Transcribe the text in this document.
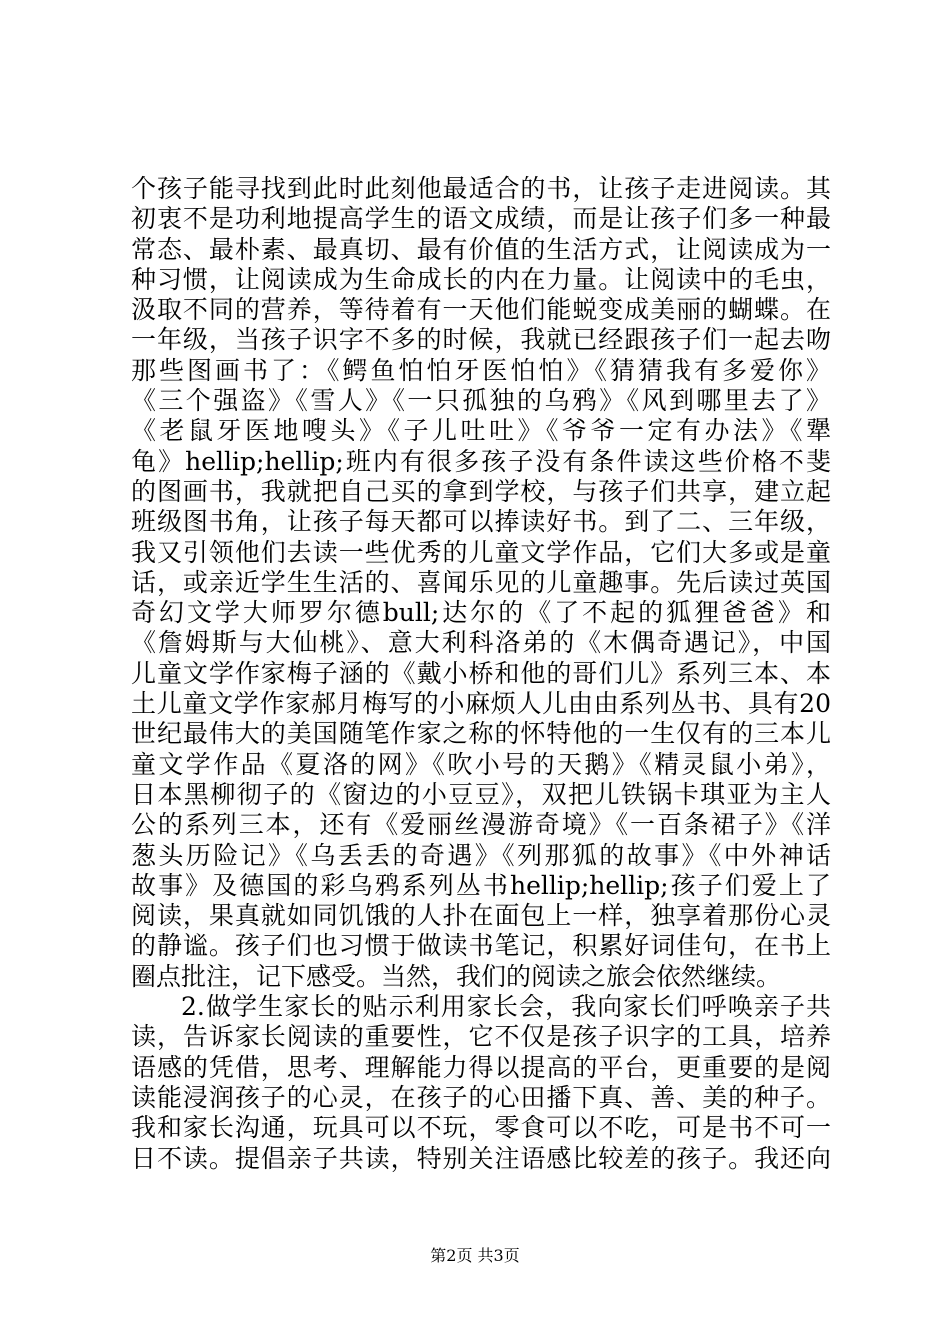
个孩子能寻找到此时此刻他最适合的书，让孩子走进阅读。其
初衷不是功利地提高学生的语文成绩，而是让孩子们多一种最
常态、最朴素、最真切、最有价值的生活方式，让阅读成为一
种习惯，让阅读成为生命成长的内在力量。让阅读中的毛虫，
汲取不同的营养，等待着有一天他们能蜕变成美丽的蝴蝶。在
一年级，当孩子识字不多的时候，我就已经跟孩子们一起去吻
那些图画书了：《鳄鱼怕怕牙医怕怕》《猜猜我有多爱你》
《三个强盗》《雪人》《一只孤独的乌鸦》《风到哪里去了》
《老鼠牙医地嗖头》《子儿吐吐》《爷爷一定有办法》《犟
龟》hellip;hellip;班内有很多孩子没有条件读这些价格不斐
的图画书，我就把自己买的拿到学校，与孩子们共享，建立起
班级图书角，让孩子每天都可以捧读好书。到了二、三年级，
我又引领他们去读一些优秀的儿童文学作品，它们大多或是童
话，或亲近学生生活的、喜闻乐见的儿童趣事。先后读过英国
奇幻文学大师罗尔德bull;达尔的《了不起的狐狸爸爸》和
《詹姆斯与大仙桃》、意大利科洛弟的《木偶奇遇记》，中国
儿童文学作家梅子涵的《戴小桥和他的哥们儿》系列三本、本
土儿童文学作家郝月梅写的小麻烦人儿由由系列丛书、具有20
世纪最伟大的美国随笔作家之称的怀特他的一生仅有的三本儿
童文学作品《夏洛的网》《吹小号的天鹅》《精灵鼠小弟》，
日本黑柳彻子的《窗边的小豆豆》，双把儿铁锅卡琪亚为主人
公的系列三本，还有《爱丽丝漫游奇境》《一百条裙子》《洋
葱头历险记》《乌丢丢的奇遇》《列那狐的故事》《中外神话
故事》及德国的彩乌鸦系列丛书hellip;hellip;孩子们爱上了
阅读，果真就如同饥饿的人扑在面包上一样，独享着那份心灵
的静谧。孩子们也习惯于做读书笔记，积累好词佳句，在书上
圈点批注，记下感受。当然，我们的阅读之旅会依然继续。
2.做学生家长的贴示利用家长会，我向家长们呼唤亲子共
读，告诉家长阅读的重要性，它不仅是孩子识字的工具，培养
语感的凭借，思考、理解能力得以提高的平台，更重要的是阅
读能浸润孩子的心灵，在孩子的心田播下真、善、美的种子。
我和家长沟通，玩具可以不玩，零食可以不吃，可是书不可一
日不读。提倡亲子共读，特别关注语感比较差的孩子。我还向
第2页 共3页
